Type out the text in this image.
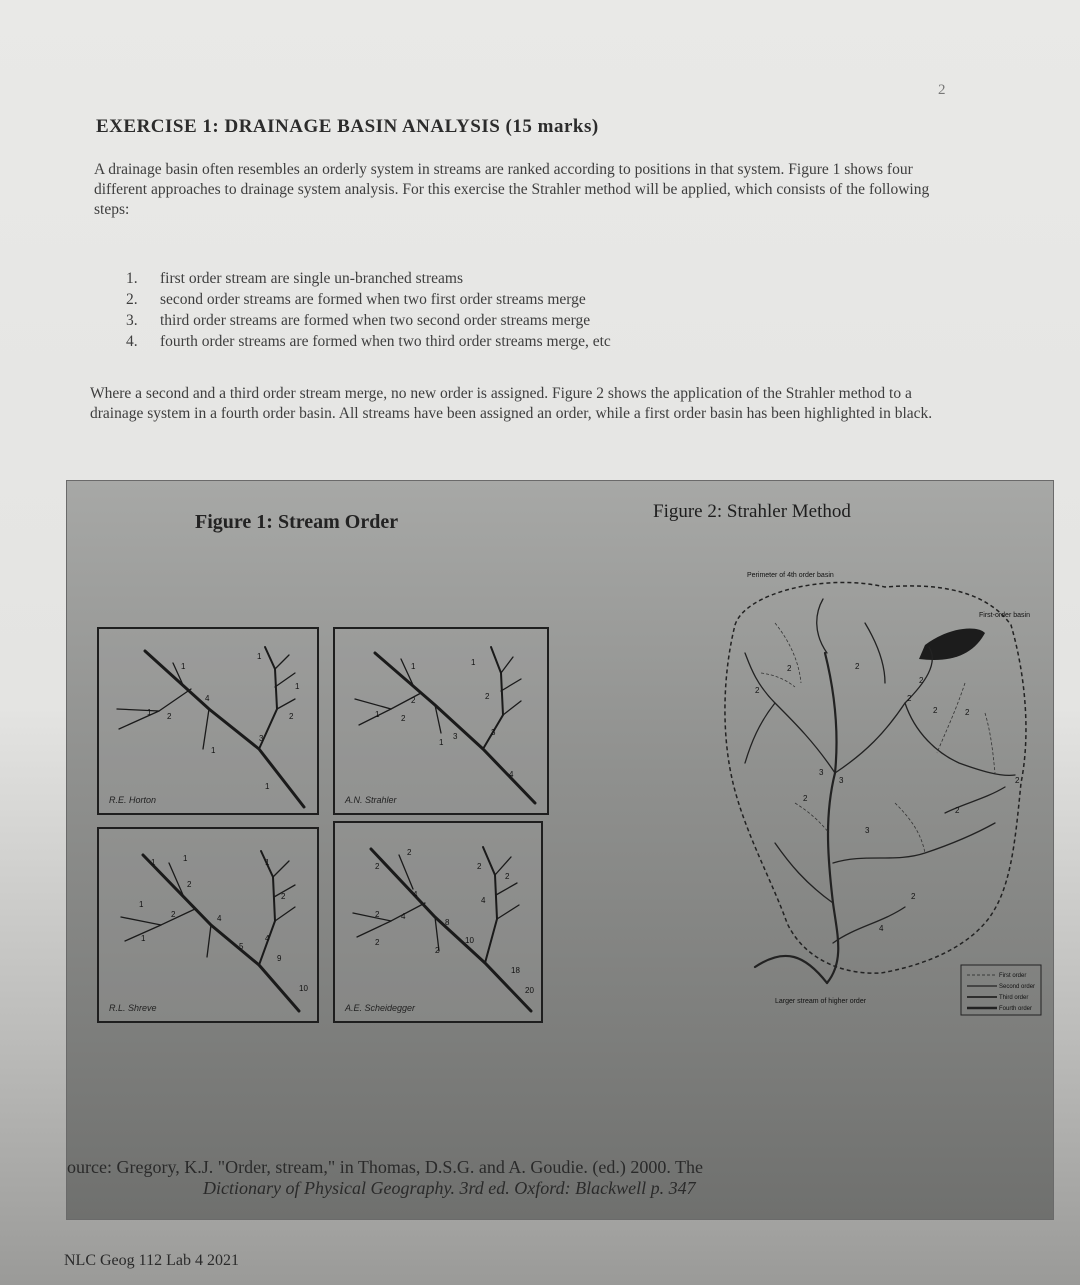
2
EXERCISE 1: DRAINAGE BASIN ANALYSIS (15 marks)
A drainage basin often resembles an orderly system in streams are ranked according to positions in that system. Figure 1 shows four different approaches to drainage system analysis. For this exercise the Strahler method will be applied, which consists of the following steps:
1.	first order stream are single un-branched streams
2.	second order streams are formed when two first order streams merge
3.	third order streams are formed when two second order streams merge
4.	fourth order streams are formed when two third order streams merge, etc
Where a second and a third order stream merge, no new order is assigned. Figure 2 shows the application of the Strahler method to a drainage system in a fourth order basin. All streams have been assigned an order, while a first order basin has been highlighted in black.
Figure 1: Stream Order	Figure 2: Strahler Method
1
1
4
1 2
1
3
2
1
1
R.E. Horton
1	1
2
1	2
1
3
2
3
4
A.N. Strahler
1	1
2
1
2
1
4
5
1
2
4
9
10
R.L. Shreve
2
2
4
2	4
2
8
2
10
2
4
2
18
20
A.E. Scheidegger
2	2
2
2
2
3
3
3
2
2
2
4
2
2
2
Perimeter of 4th order basin
First-order basin
Larger stream of higher order
First order
Second order
Third order
Fourth order
ource: Gregory, K.J. "Order, stream," in Thomas, D.S.G. and A. Goudie. (ed.) 2000. The
Dictionary of Physical Geography. 3rd ed. Oxford: Blackwell p. 347
NLC Geog 112 Lab 4 2021
